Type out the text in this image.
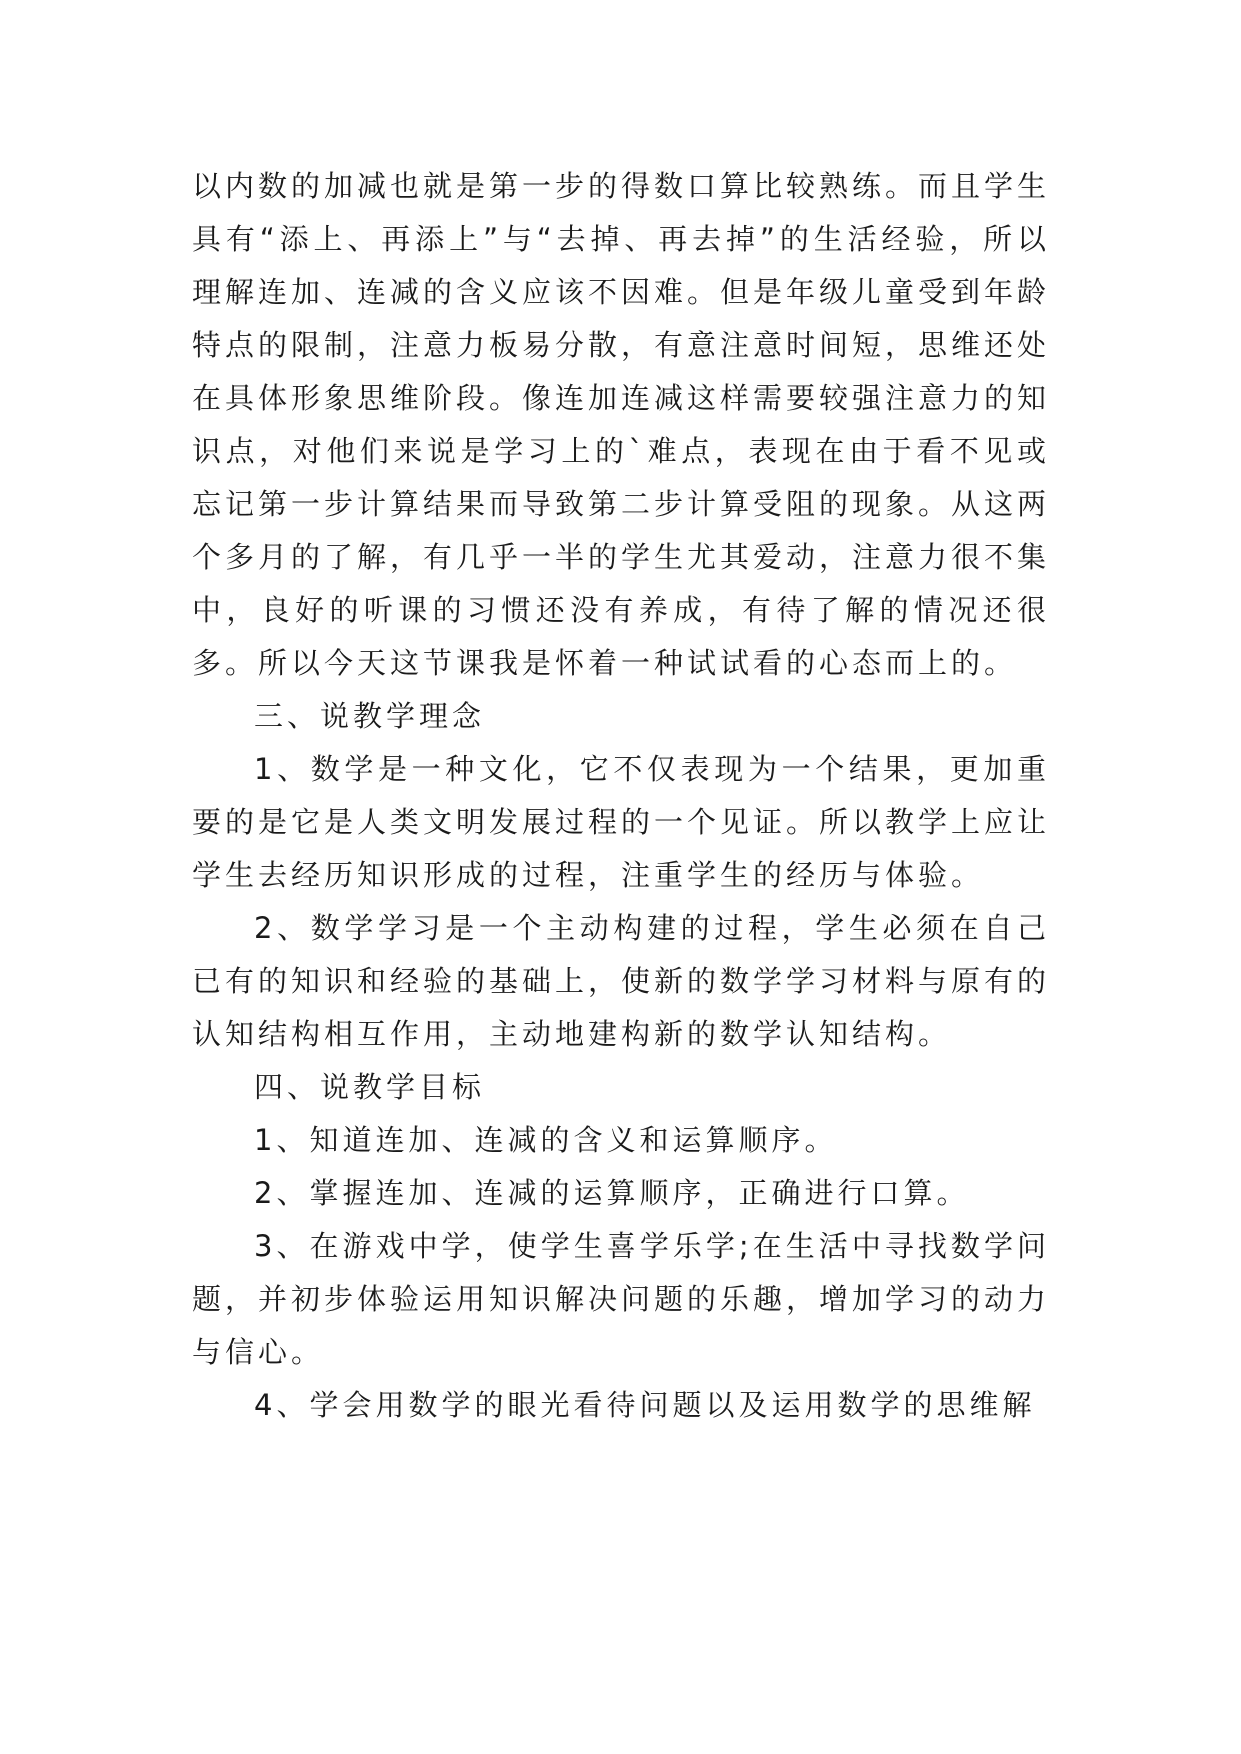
以内数的加减也就是第一步的得数口算比较熟练。而且学生具有“添上、再添上”与“去掉、再去掉”的生活经验，所以理解连加、连减的含义应该不因难。但是年级儿童受到年龄特点的限制，注意力板易分散，有意注意时间短，思维还处在具体形象思维阶段。像连加连减这样需要较强注意力的知识点，对他们来说是学习上的`难点，表现在由于看不见或忘记第一步计算结果而导致第二步计算受阻的现象。从这两个多月的了解，有几乎一半的学生尤其爱动，注意力很不集中，良好的听课的习惯还没有养成，有待了解的情况还很多。所以今天这节课我是怀着一种试试看的心态而上的。

三、说教学理念

1、数学是一种文化，它不仅表现为一个结果，更加重要的是它是人类文明发展过程的一个见证。所以教学上应让学生去经历知识形成的过程，注重学生的经历与体验。

2、数学学习是一个主动构建的过程，学生必须在自己已有的知识和经验的基础上，使新的数学学习材料与原有的认知结构相互作用，主动地建构新的数学认知结构。

四、说教学目标

1、知道连加、连减的含义和运算顺序。

2、掌握连加、连减的运算顺序，正确进行口算。

3、在游戏中学，使学生喜学乐学;在生活中寻找数学问题，并初步体验运用知识解决问题的乐趣，增加学习的动力与信心。

4、学会用数学的眼光看待问题以及运用数学的思维解
